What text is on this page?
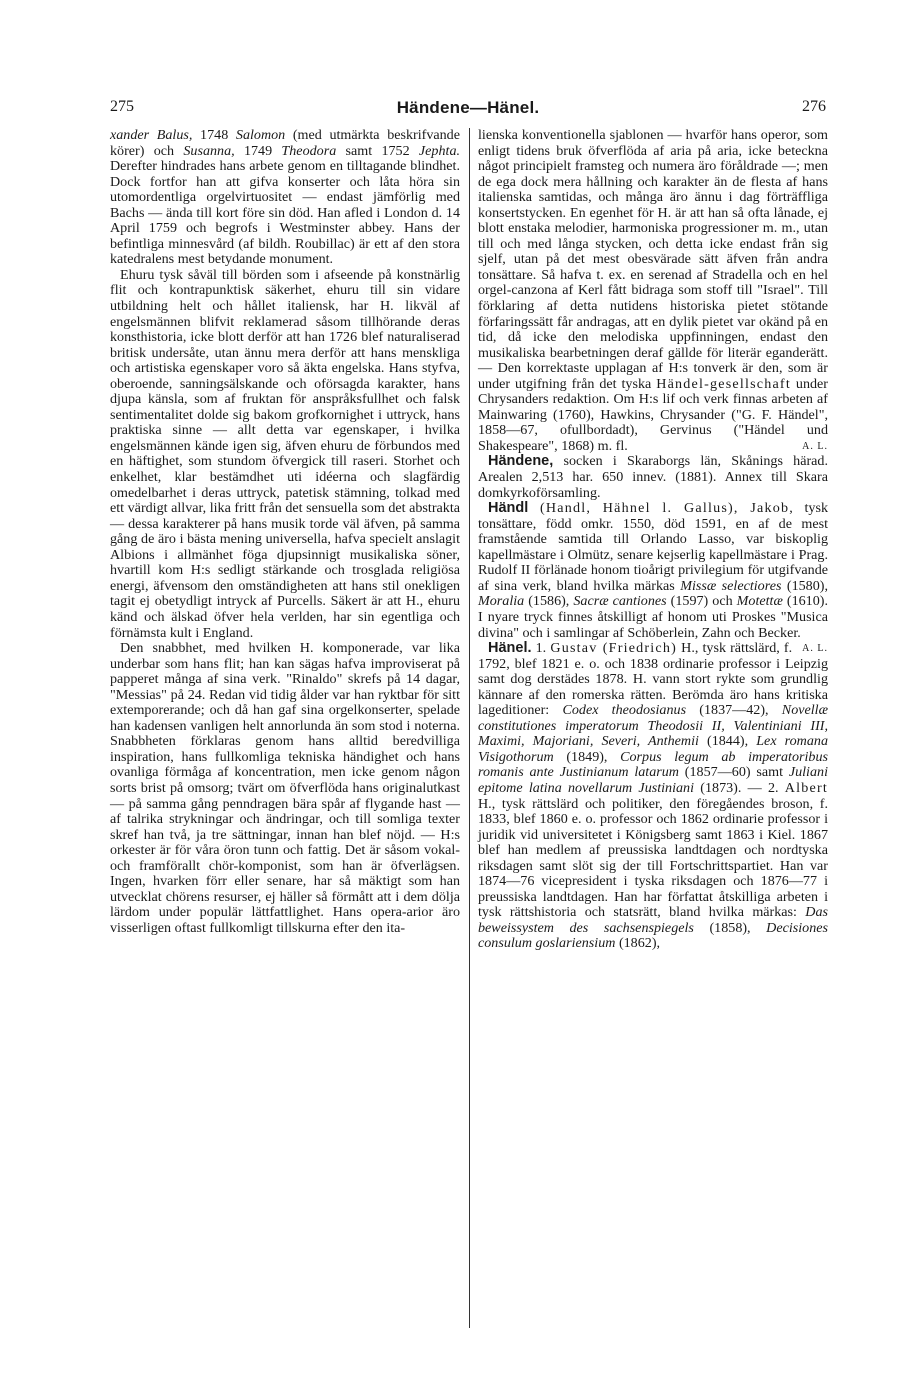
275	Händene—Hänel.	276

xander Balus, 1748 Salomon (med utmärkta beskrifvande körer) och Susanna, 1749 Theodora samt 1752 Jephta. Derefter hindrades hans arbete genom en tilltagande blindhet. Dock fortfor han att gifva konserter och låta höra sin utomordentliga orgelvirtuositet — endast jämförlig med Bachs — ända till kort före sin död. Han afled i London d. 14 April 1759 och begrofs i Westminster abbey. Hans der befintliga minnesvård (af bildh. Roubillac) är ett af den stora katedralens mest betydande monument.

Ehuru tysk såväl till börden som i afseende på konstnärlig flit och kontrapunktisk säkerhet, ehuru till sin vidare utbildning helt och hållet italiensk, har H. likväl af engelsmännen blifvit reklamerad såsom tillhörande deras konsthistoria, icke blott derför att han 1726 blef naturaliserad britisk undersåte, utan ännu mera derför att hans menskliga och artistiska egenskaper voro så äkta engelska. Hans styfva, oberoende, sanningsälskande och oförsagda karakter, hans djupa känsla, som af fruktan för anspråksfullhet och falsk sentimentalitet dolde sig bakom grofkornighet i uttryck, hans praktiska sinne — allt detta var egenskaper, i hvilka engelsmännen kände igen sig, äfven ehuru de förbundos med en häftighet, som stundom öfvergick till raseri. Storhet och enkelhet, klar bestämdhet uti idéerna och slagfärdig omedelbarhet i deras uttryck, patetisk stämning, tolkad med ett värdigt allvar, lika fritt från det sensuella som det abstrakta — dessa karakterer på hans musik torde väl äfven, på samma gång de äro i bästa mening universella, hafva specielt anslagit Albions i allmänhet föga djupsinnigt musikaliska söner, hvartill kom H:s sedligt stärkande och trosglada religiösa energi, äfvensom den omständigheten att hans stil onekligen tagit ej obetydligt intryck af Purcells. Säkert är att H., ehuru känd och älskad öfver hela verlden, har sin egentliga och förnämsta kult i England.

Den snabbhet, med hvilken H. komponerade, var lika underbar som hans flit; han kan sägas hafva improviserat på papperet många af sina verk. "Rinaldo" skrefs på 14 dagar, "Messias" på 24. Redan vid tidig ålder var han ryktbar för sitt extemporerande; och då han gaf sina orgelkonserter, spelade han kadensen vanligen helt annorlunda än som stod i noterna. Snabbheten förklaras genom hans alltid beredvilliga inspiration, hans fullkomliga tekniska händighet och hans ovanliga förmåga af koncentration, men icke genom någon sorts brist på omsorg; tvärt om öfverflöda hans originalutkast — på samma gång penndragen bära spår af flygande hast — af talrika strykningar och ändringar, och till somliga texter skref han två, ja tre sättningar, innan han blef nöjd. — H:s orkester är för våra öron tunn och fattig. Det är såsom vokal- och framförallt chör-komponist, som han är öfverlägsen. Ingen, hvarken förr eller senare, har så mäktigt som han utvecklat chörens resurser, ej häller så förmått att i dem dölja lärdom under populär lättfattlighet. Hans opera-arior äro visserligen oftast fullkomligt tillskurna efter den ita-

lienska konventionella sjablonen — hvarför hans operor, som enligt tidens bruk öfverflöda af aria på aria, icke beteckna något principielt framsteg och numera äro föråldrade —; men de ega dock mera hållning och karakter än de flesta af hans italienska samtidas, och många äro ännu i dag förträffliga konsertstycken. En egenhet för H. är att han så ofta lånade, ej blott enstaka melodier, harmoniska progressioner m. m., utan till och med långa stycken, och detta icke endast från sig sjelf, utan på det mest obesvärade sätt äfven från andra tonsättare. Så hafva t. ex. en serenad af Stradella och en hel orgel-canzona af Kerl fått bidraga som stoff till "Israel". Till förklaring af detta nutidens historiska pietet stötande förfaringssätt får andragas, att en dylik pietet var okänd på en tid, då icke den melodiska uppfinningen, endast den musikaliska bearbetningen deraf gällde för literär eganderätt. — Den korrektaste upplagan af H:s tonverk är den, som är under utgifning från det tyska Händel-gesellschaft under Chrysanders redaktion. Om H:s lif och verk finnas arbeten af Mainwaring (1760), Hawkins, Chrysander ("G. F. Händel", 1858—67, ofullbordadt), Gervinus ("Händel und Shakespeare", 1868) m. fl.	A. L.

Händene, socken i Skaraborgs län, Skånings härad. Arealen 2,513 har. 650 innev. (1881). Annex till Skara domkyrkoförsamling.

Händl (Handl, Hähnel l. Gallus), Jakob, tysk tonsättare, född omkr. 1550, död 1591, en af de mest framstående samtida till Orlando Lasso, var biskoplig kapellmästare i Olmütz, senare kejserlig kapellmästare i Prag. Rudolf II förlänade honom tioårigt privilegium för utgifvande af sina verk, bland hvilka märkas Missæ selectiores (1580), Moralia (1586), Sacræ cantiones (1597) och Motettæ (1610). I nyare tryck finnes åtskilligt af honom uti Proskes "Musica divina" och i samlingar af Schöberlein, Zahn och Becker.
A. L.

Hänel. 1. Gustav (Friedrich) H., tysk rättslärd, f. 1792, blef 1821 e. o. och 1838 ordinarie professor i Leipzig samt dog derstädes 1878. H. vann stort rykte som grundlig kännare af den romerska rätten. Berömda äro hans kritiska lageditioner: Codex theodosianus (1837—42), Novellæ constitutiones imperatorum Theodosii II, Valentiniani III, Maximi, Majoriani, Severi, Anthemii (1844), Lex romana Visigothorum (1849), Corpus legum ab imperatoribus romanis ante Justinianum latarum (1857—60) samt Juliani epitome latina novellarum Justiniani (1873). — 2. Albert H., tysk rättslärd och politiker, den föregåendes broson, f. 1833, blef 1860 e. o. professor och 1862 ordinarie professor i juridik vid universitetet i Königsberg samt 1863 i Kiel. 1867 blef han medlem af preussiska landtdagen och nordtyska riksdagen samt slöt sig der till Fortschrittspartiet. Han var 1874—76 vicepresident i tyska riksdagen och 1876—77 i preussiska landtdagen. Han har författat åtskilliga arbeten i tysk rättshistoria och statsrätt, bland hvilka märkas: Das beweissystem des sachsenspiegels (1858), Decisiones consulum goslariensium (1862),
